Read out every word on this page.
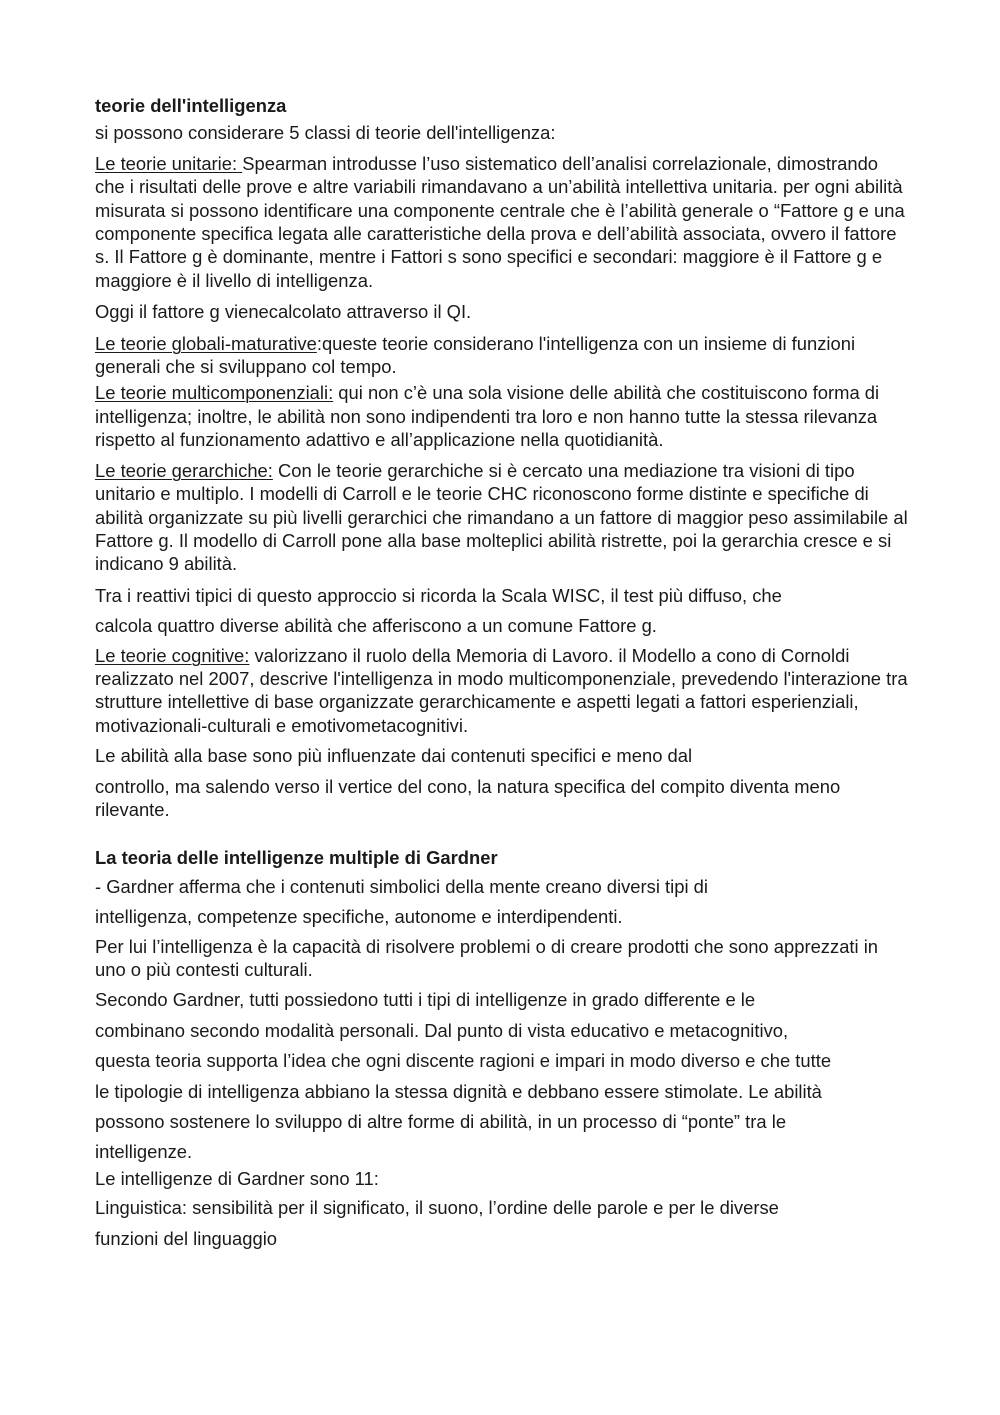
teorie dell'intelligenza

si possono considerare 5 classi di teorie dell'intelligenza:

Le teorie unitarie: Spearman introdusse l’uso sistematico dell’analisi correlazionale, dimostrando che i risultati delle prove e altre variabili rimandavano a un’abilità intellettiva unitaria. per ogni abilità misurata si possono identificare una componente centrale che è l’abilità generale o “Fattore g e una componente specifica legata alle caratteristiche della prova e dell’abilità associata, ovvero il fattore s. Il Fattore g è dominante, mentre i Fattori s sono specifici e secondari: maggiore è il Fattore g e maggiore è il livello di intelligenza.

Oggi il fattore g vienecalcolato attraverso il QI.

Le teorie globali-maturative:queste teorie considerano l'intelligenza con un insieme di funzioni generali che si sviluppano col tempo.

Le teorie multicomponenziali: qui non c’è una sola visione delle abilità che costituiscono forma di intelligenza; inoltre, le abilità non sono indipendenti tra loro e non hanno tutte la stessa rilevanza rispetto al funzionamento adattivo e all’applicazione nella quotidianità.

Le teorie gerarchiche: Con le teorie gerarchiche si è cercato una mediazione tra visioni di tipo unitario e multiplo. I modelli di Carroll e le teorie CHC riconoscono forme distinte e specifiche di abilità organizzate su più livelli gerarchici che rimandano a un fattore di maggior peso assimilabile al Fattore g. Il modello di Carroll pone alla base molteplici abilità ristrette, poi la gerarchia cresce e si indicano 9 abilità.

Tra i reattivi tipici di questo approccio si ricorda la Scala WISC, il test più diffuso, che

calcola quattro diverse abilità che afferiscono a un comune Fattore g.

Le teorie cognitive: valorizzano il ruolo della Memoria di Lavoro. il Modello a cono di Cornoldi realizzato nel 2007, descrive l'intelligenza in modo multicomponenziale, prevedendo l'interazione tra strutture intellettive di base organizzate gerarchicamente e aspetti legati a fattori esperienziali, motivazionali-culturali e emotivometacognitivi.

Le abilità alla base sono più influenzate dai contenuti specifici e meno dal

controllo, ma salendo verso il vertice del cono, la natura specifica del compito diventa meno rilevante.

La teoria delle intelligenze multiple di Gardner

- Gardner afferma che i contenuti simbolici della mente creano diversi tipi di

intelligenza, competenze specifiche, autonome e interdipendenti.

Per lui l’intelligenza è la capacità di risolvere problemi o di creare prodotti che sono apprezzati in uno o più contesti culturali.

Secondo Gardner, tutti possiedono tutti i tipi di intelligenze in grado differente e le

combinano secondo modalità personali. Dal punto di vista educativo e metacognitivo,

questa teoria supporta l’idea che ogni discente ragioni e impari in modo diverso e che tutte

le tipologie di intelligenza abbiano la stessa dignità e debbano essere stimolate. Le abilità

possono sostenere lo sviluppo di altre forme di abilità, in un processo di “ponte” tra le

intelligenze.

Le intelligenze di Gardner sono 11:

Linguistica: sensibilità per il significato, il suono, l’ordine delle parole e per le diverse

funzioni del linguaggio
